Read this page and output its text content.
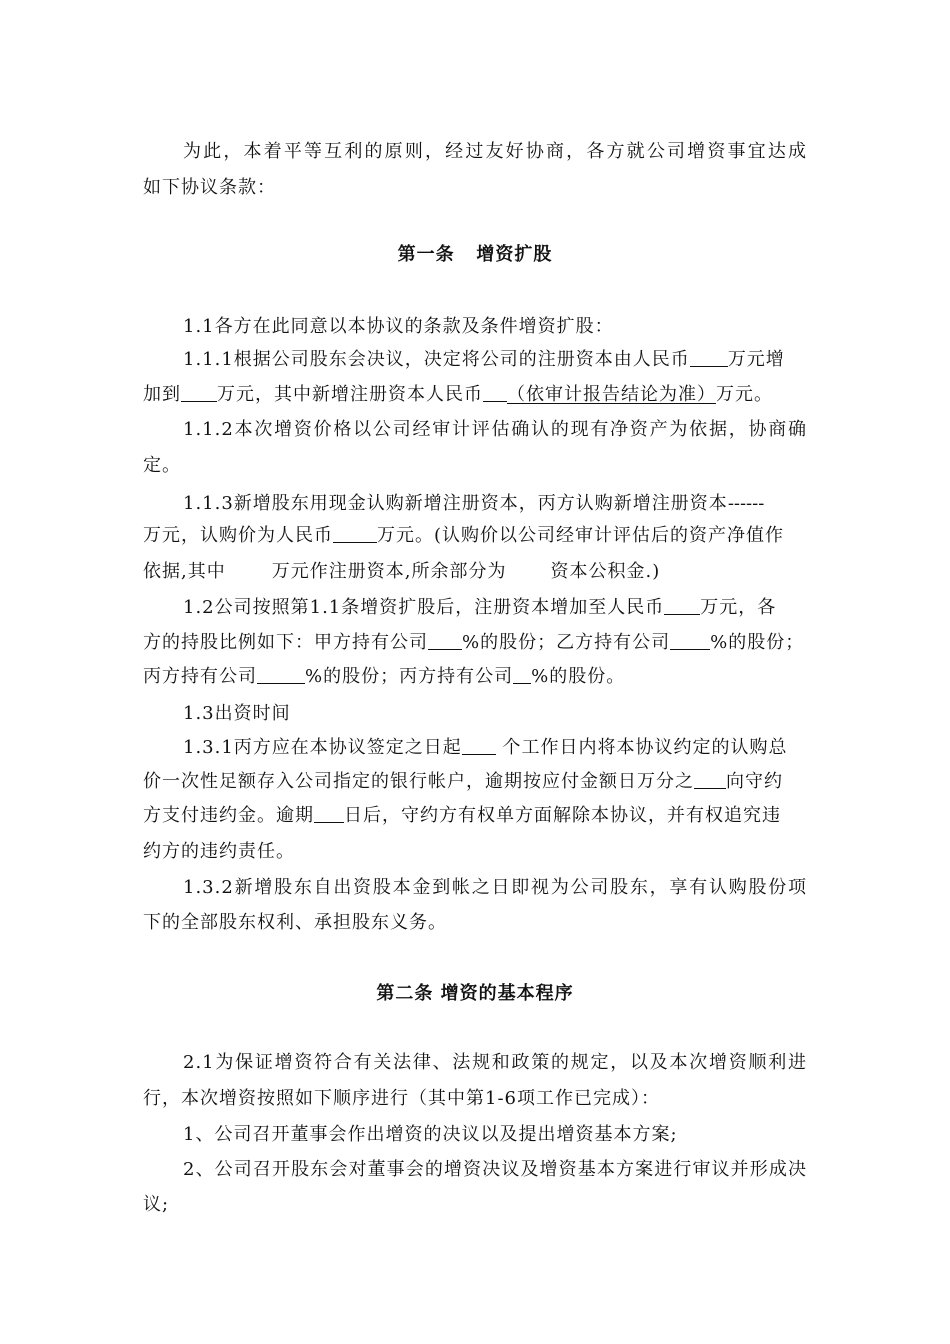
为此，本着平等互利的原则，经过友好协商，各方就公司增资事宜达成
如下协议条款：
第一条   增资扩股
1.1各方在此同意以本协议的条款及条件增资扩股：
1.1.1根据公司股东会决议，决定将公司的注册资本由人民币 万元增
加到 万元，其中新增注册资本人民币 （依审计报告结论为准）万元。
1.1.2本次增资价格以公司经审计评估确认的现有净资产为依据，协商确
定。
1.1.3新增股东用现金认购新增注册资本，丙方认购新增注册资本------
万元，认购价为人民币 万元。(认购价以公司经审计评估后的资产净值作
依据,其中	万元作注册资本,所余部分为 资本公积金.)
1.2公司按照第1.1条增资扩股后，注册资本增加至人民币 万元，各
方的持股比例如下：甲方持有公司 %的股份；乙方持有公司 %的股份；
丙方持有公司	%的股份；丙方持有公司 %的股份。
1.3出资时间
1.3.1丙方应在本协议签定之日起 个工作日内将本协议约定的认购总
价一次性足额存入公司指定的银行帐户，逾期按应付金额日万分之 向守约
方支付违约金。逾期 日后，守约方有权单方面解除本协议，并有权追究违
约方的违约责任。
1.3.2新增股东自出资股本金到帐之日即视为公司股东，享有认购股份项
下的全部股东权利、承担股东义务。
第二条 增资的基本程序
2.1为保证增资符合有关法律、法规和政策的规定，以及本次增资顺利进
行，本次增资按照如下顺序进行（其中第1-6项工作已完成）：
1、公司召开董事会作出增资的决议以及提出增资基本方案;
2、公司召开股东会对董事会的增资决议及增资基本方案进行审议并形成决
议;
